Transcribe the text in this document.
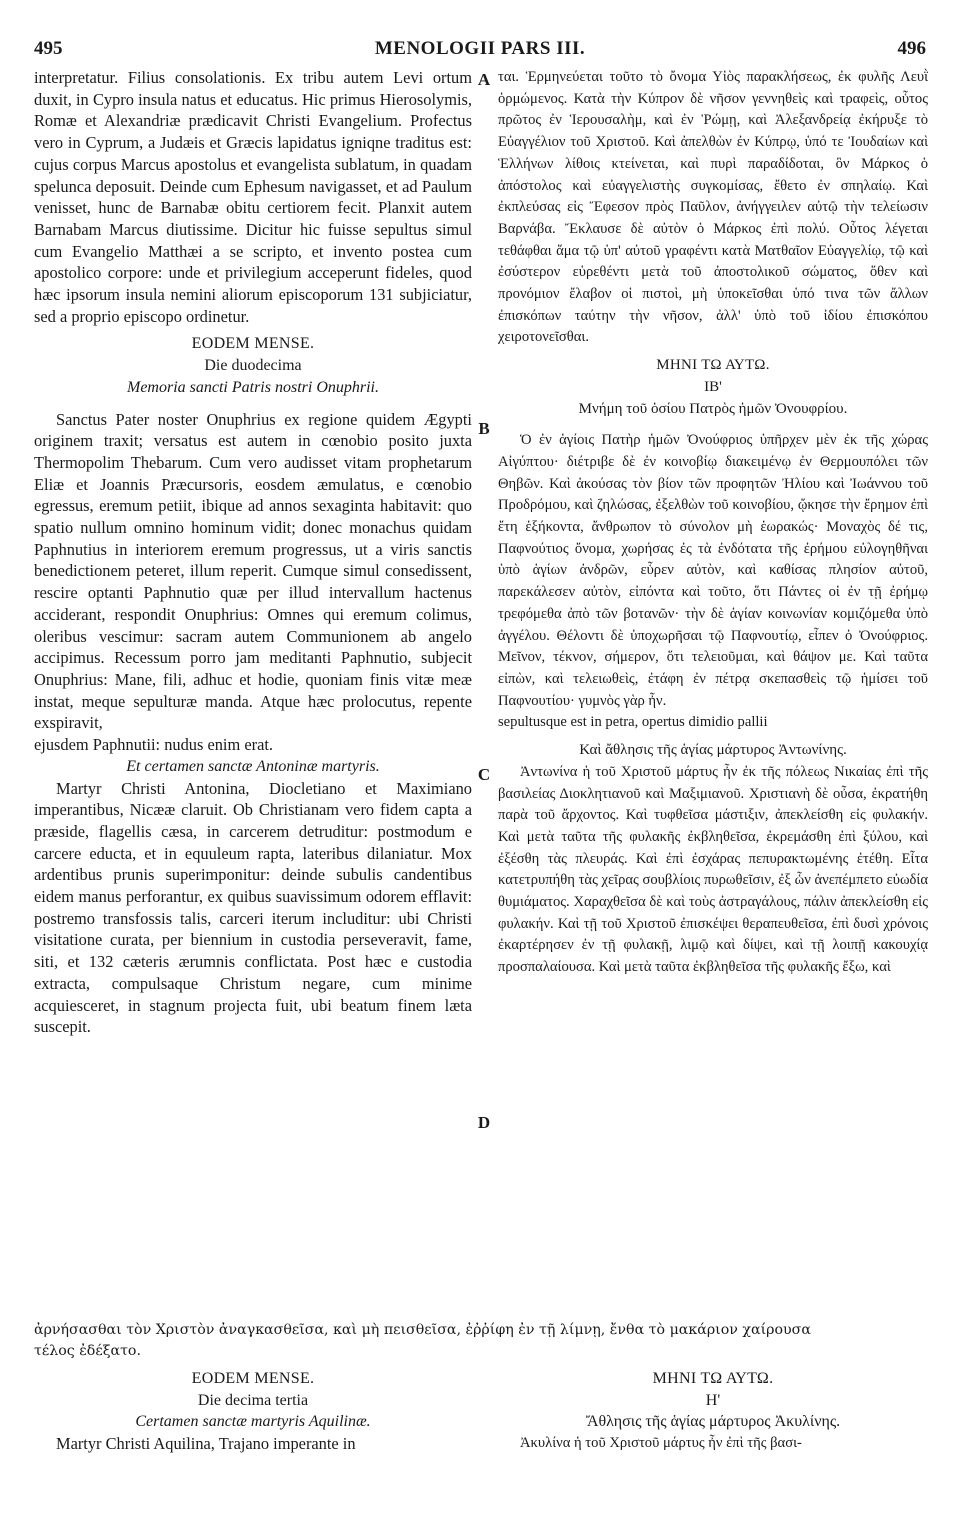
495	MENOLOGII PARS III.	496

interpretatur. Filius consolationis. Ex tribu autem Levi ortum duxit, in Cypro insula natus et educatus. Hic primus Hierosolymis, Romæ et Alexandriæ prædicavit Christi Evangelium. Profectus vero in Cyprum, a Judæis et Græcis lapidatus igniqne traditus est: cujus corpus Marcus apostolus et evangelista sublatum, in quadam spelunca deposuit. Deinde cum Ephesum navigasset, et ad Paulum venisset, hunc de Barnabæ obitu certiorem fecit. Planxit autem Barnabam Marcus diutissime. Dicitur hic fuisse sepultus simul cum Evangelio Matthæi a se scripto, et invento postea cum apostolico corpore: unde et privilegium acceperunt fideles, quod hæc ipsorum insula nemini aliorum episcoporum 131 subjiciatur, sed a proprio episcopo ordinetur.

EODEM MENSE.

Die duodecima

Memoria sancti Patris nostri Onuphrii.

Sanctus Pater noster Onuphrius ex regione quidem Ægypti originem traxit; versatus est autem in cœnobio posito juxta Thermopolim Thebarum. Cum vero audisset vitam prophetarum Eliæ et Joannis Præcursoris, eosdem æmulatus, e cœnobio egressus, eremum petiit, ibique ad annos sexaginta habitavit: quo spatio nullum omnino hominum vidit; donec monachus quidam Paphnutius in interiorem eremum progressus, ut a viris sanctis benedictionem peteret, illum reperit. Cumque simul consedissent, rescire optanti Paphnutio quæ per illud intervallum hactenus acciderant, respondit Onuphrius: Omnes qui eremum colimus, oleribus vescimur: sacram autem Communionem ab angelo accipimus. Recessum porro jam meditanti Paphnutio, subjecit Onuphrius: Mane, fili, adhuc et hodie, quoniam finis vitæ meæ instat, meque sepulturæ manda. Atque hæc prolocutus, repente exspiravit,

ejusdem Paphnutii: nudus enim erat.

Et certamen sanctæ Antoninæ martyris.

Martyr Christi Antonina, Diocletiano et Maximiano imperantibus, Nicææ claruit. Ob Christianam vero fidem capta a præside, flagellis cæsa, in carcerem detruditur: postmodum e carcere educta, et in equuleum rapta, lateribus dilaniatur. Mox ardentibus prunis superimponitur: deinde subulis candentibus eidem manus perforantur, ex quibus suavissimum odorem efflavit: postremo transfossis talis, carceri iterum includitur: ubi Christi visitatione curata, per biennium in custodia perseveravit, fame, siti, et 132 cæteris ærumnis conflictata. Post hæc e custodia extracta, compulsaque Christum negare, cum minime acquiesceret, in stagnum projecta fuit, ubi beatum finem læta suscepit.

ται. Ἑρμηνεύεται τοῦτο τὸ ὄνομα Υἱὸς παρακλήσεως, ἐκ φυλῆς Λευῒ ὁρμώμενος. Κατὰ τὴν Κύπρον δὲ νῆσον γεννηθεὶς καὶ τραφεὶς, οὗτος πρῶτος ἐν Ἱερουσαλὴμ, καὶ ἐν Ῥώμῃ, καὶ Ἀλεξανδρείᾳ ἐκήρυξε τὸ Εὐαγγέλιον τοῦ Χριστοῦ. Καὶ ἀπελθὼν ἐν Κύπρῳ, ὑπό τε Ἰουδαίων καὶ Ἑλλήνων λίθοις κτείνεται, καὶ πυρὶ παραδίδοται, ὃν Μάρκος ὁ ἀπόστολος καὶ εὐαγγελιστὴς συγκομίσας, ἔθετο ἐν σπηλαίῳ. Καὶ ἐκπλεύσας εἰς Ἔφεσον πρὸς Παῦλον, ἀνήγγειλεν αὐτῷ τὴν τελείωσιν Βαρνάβα. Ἔκλαυσε δὲ αὐτὸν ὁ Μάρκος ἐπὶ πολύ. Οὗτος λέγεται τεθάφθαι ἅμα τῷ ὑπ' αὐτοῦ γραφέντι κατὰ Ματθαῖον Εὐαγγελίῳ, τῷ καὶ ἐσύστερον εὑρεθέντι μετὰ τοῦ ἀποστολικοῦ σώματος, ὅθεν καὶ προνόμιον ἔλαβον οἱ πιστοὶ, μὴ ὑποκεῖσθαι ὑπό τινα τῶν ἄλλων ἐπισκόπων ταύτην τὴν νῆσον, ἀλλ' ὑπὸ τοῦ ἰδίου ἐπισκόπου χειροτονεῖσθαι.

ΜΗΝΙ ΤΩ ΑΥΤΩ.

ΙΒ'

Μνήμη τοῦ ὁσίου Πατρὸς ἡμῶν Ὀνουφρίου.

Ὁ ἐν ἁγίοις Πατὴρ ἡμῶν Ὀνούφριος ὑπῆρχεν μὲν ἐκ τῆς χώρας Αἰγύπτου· διέτριβε δὲ ἐν κοινοβίῳ διακειμένῳ ἐν Θερμουπόλει τῶν Θηβῶν. Καὶ ἀκούσας τὸν βίον τῶν προφητῶν Ἠλίου καὶ Ἰωάννου τοῦ Προδρόμου, καὶ ζηλώσας, ἐξελθὼν τοῦ κοινοβίου, ᾤκησε τὴν ἔρημον ἐπὶ ἔτη ἑξήκοντα, ἄνθρωπον τὸ σύνολον μὴ ἑωρακώς· Μοναχὸς δέ τις, Παφνούτιος ὄνομα, χωρήσας ἐς τὰ ἐνδότατα τῆς ἐρήμου εὐλογηθῆναι ὑπὸ ἁγίων ἀνδρῶν, εὗρεν αὐτὸν, καὶ καθίσας πλησίον αὐτοῦ, παρεκάλεσεν αὐτὸν, εἰπόντα καὶ τοῦτο, ὅτι Πάντες οἱ ἐν τῇ ἐρήμῳ τρεφόμεθα ἀπὸ τῶν βοτανῶν· τὴν δὲ ἁγίαν κοινωνίαν κομιζόμεθα ὑπὸ ἀγγέλου. Θέλοντι δὲ ὑποχωρῆσαι τῷ Παφνουτίῳ, εἶπεν ὁ Ὀνούφριος. Μεῖνον, τέκνον, σήμερον, ὅτι τελειοῦμαι, καὶ θάψον με. Καὶ ταῦτα εἰπὼν, καὶ τελειωθεὶς, ἐτάφη ἐν πέτρᾳ σκεπασθεὶς τῷ ἡμίσει τοῦ Παφνουτίου· γυμνὸς γὰρ ἦν.

sepultusque est in petra, opertus dimidio pallii

Καὶ ἄθλησις τῆς ἁγίας μάρτυρος Ἀντωνίνης.

Ἀντωνίνα ἡ τοῦ Χριστοῦ μάρτυς ἦν ἐκ τῆς πόλεως Νικαίας ἐπὶ τῆς βασιλείας Διοκλητιανοῦ καὶ Μαξιμιανοῦ. Χριστιανὴ δὲ οὖσα, ἐκρατήθη παρὰ τοῦ ἄρχοντος. Καὶ τυφθεῖσα μάστιξιν, ἀπεκλείσθη εἰς φυλακήν. Καὶ μετὰ ταῦτα τῆς φυλακῆς ἐκβληθεῖσα, ἐκρεμάσθη ἐπὶ ξύλου, καὶ ἐξέσθη τὰς πλευράς. Καὶ ἐπὶ ἐσχάρας πεπυρακτωμένης ἐτέθη. Εἶτα κατετρυπήθη τὰς χεῖρας σουβλίοις πυρωθεῖσιν, ἐξ ὧν ἀνεπέμπετο εὐωδία θυμιάματος. Χαραχθεῖσα δὲ καὶ τοὺς ἀστραγάλους, πάλιν ἀπεκλείσθη εἰς φυλακήν. Καὶ τῇ τοῦ Χριστοῦ ἐπισκέψει θεραπευθεῖσα, ἐπὶ δυσὶ χρόνοις ἐκαρτέρησεν ἐν τῇ φυλακῇ, λιμῷ καὶ δίψει, καὶ τῇ λοιπῇ κακουχίᾳ προσπαλαίουσα. Καὶ μετὰ ταῦτα ἐκβληθεῖσα τῆς φυλακῆς ἔξω, καὶ

ἀρνήσασθαι τὸν Χριστὸν ἀναγκασθεῖσα, καὶ μὴ πεισθεῖσα, ἐῤῥίφη ἐν τῇ λίμνῃ, ἔνθα τὸ μακάριον χαίρουσα
τέλος ἐδέξατο.

EODEM MENSE.

Die decima tertia

Certamen sanctæ martyris Aquilinæ.

Martyr Christi Aquilina, Trajano imperante in

ΜΗΝΙ ΤΩ ΑΥΤΩ.

Η'

Ἄθλησις τῆς ἁγίας μάρτυρος Ἀκυλίνης.

Ἀκυλίνα ἡ τοῦ Χριστοῦ μάρτυς ἦν ἐπὶ τῆς βασι-

A
B
C
D
